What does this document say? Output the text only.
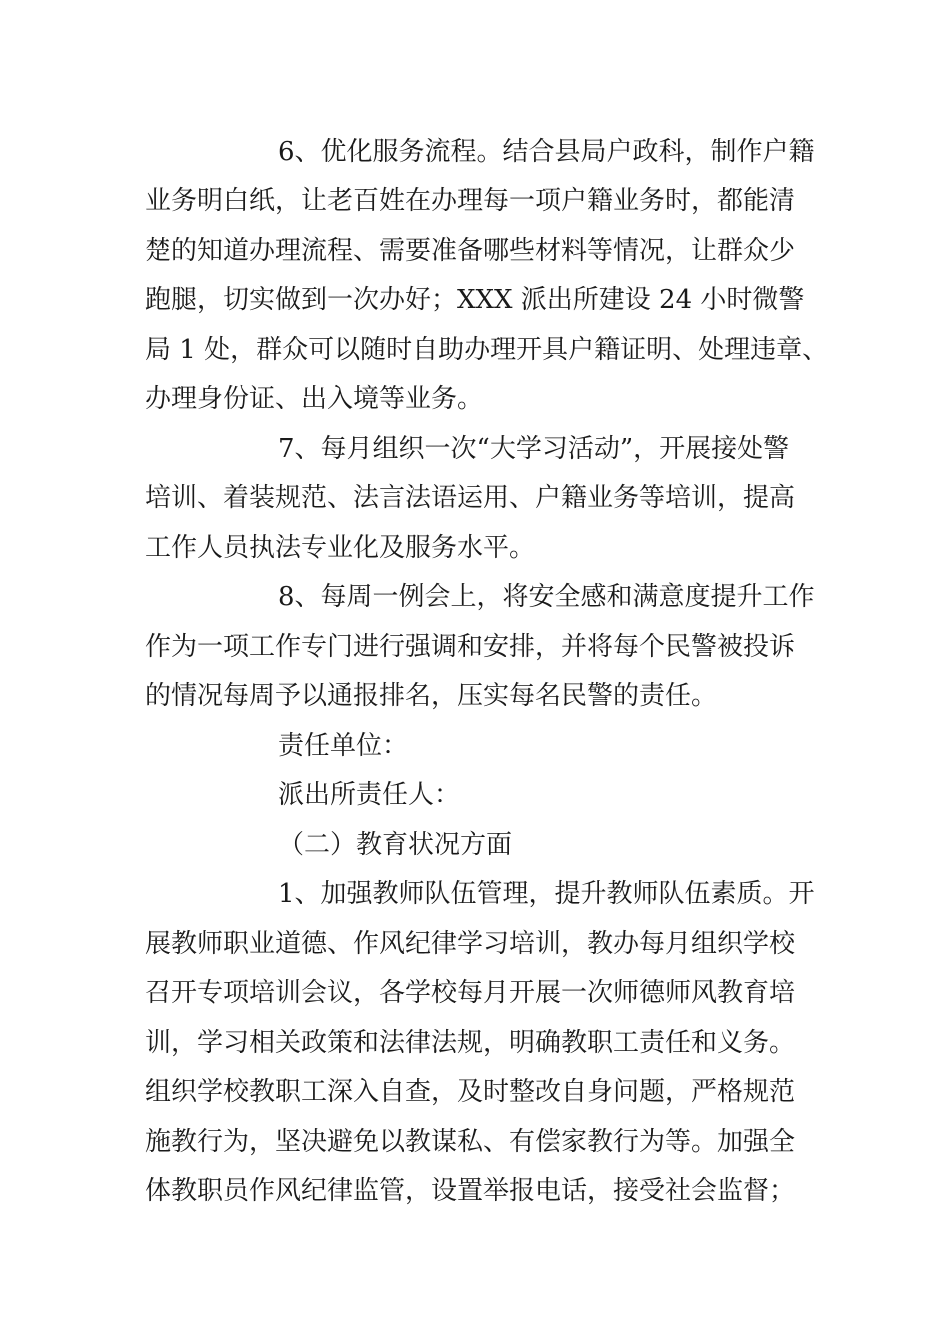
6、优化服务流程。结合县局户政科，制作户籍
业务明白纸，让老百姓在办理每一项户籍业务时，都能清
楚的知道办理流程、需要准备哪些材料等情况，让群众少
跑腿，切实做到一次办好；XXX 派出所建设 24 小时微警
局 1 处，群众可以随时自助办理开具户籍证明、处理违章、
办理身份证、出入境等业务。
7、每月组织一次“大学习活动”，开展接处警
培训、着装规范、法言法语运用、户籍业务等培训，提高
工作人员执法专业化及服务水平。
8、每周一例会上，将安全感和满意度提升工作
作为一项工作专门进行强调和安排，并将每个民警被投诉
的情况每周予以通报排名，压实每名民警的责任。
责任单位：
派出所责任人：
（二）教育状况方面
1、加强教师队伍管理，提升教师队伍素质。开
展教师职业道德、作风纪律学习培训，教办每月组织学校
召开专项培训会议，各学校每月开展一次师德师风教育培
训，学习相关政策和法律法规，明确教职工责任和义务。
组织学校教职工深入自查，及时整改自身问题，严格规范
施教行为，坚决避免以教谋私、有偿家教行为等。加强全
体教职员作风纪律监管，设置举报电话，接受社会监督；
